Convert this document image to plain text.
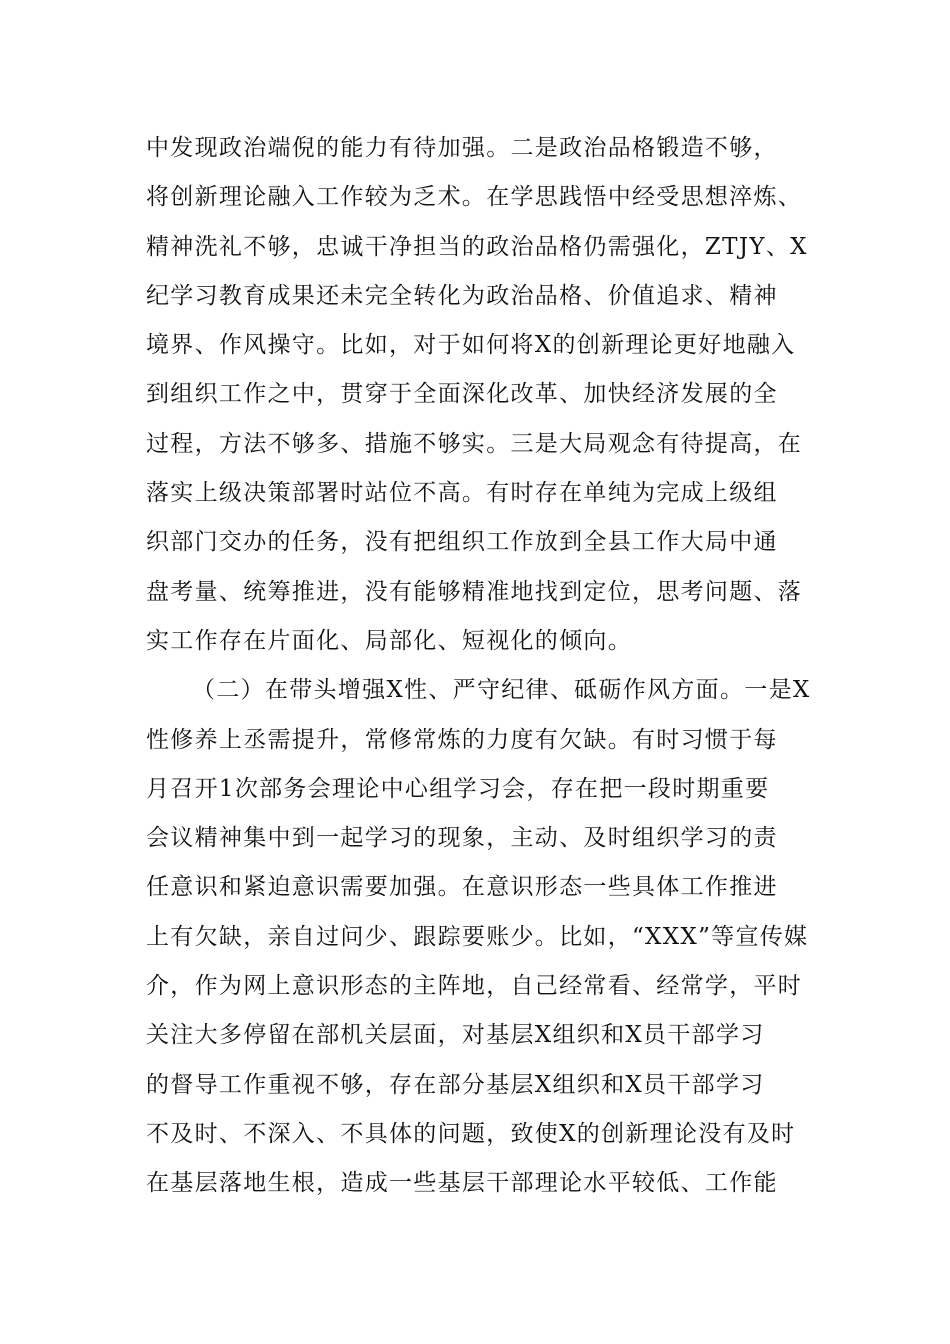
中发现政治端倪的能力有待加强。二是政治品格锻造不够，
将创新理论融入工作较为乏术。在学思践悟中经受思想淬炼、
精神洗礼不够，忠诚干净担当的政治品格仍需强化，ZTJY、X
纪学习教育成果还未完全转化为政治品格、价值追求、精神
境界、作风操守。比如，对于如何将X的创新理论更好地融入
到组织工作之中，贯穿于全面深化改革、加快经济发展的全
过程，方法不够多、措施不够实。三是大局观念有待提高，在
落实上级决策部署时站位不高。有时存在单纯为完成上级组
织部门交办的任务，没有把组织工作放到全县工作大局中通
盘考量、统筹推进，没有能够精准地找到定位，思考问题、落
实工作存在片面化、局部化、短视化的倾向。
（二）在带头增强X性、严守纪律、砥砺作风方面。一是X
性修养上丞需提升，常修常炼的力度有欠缺。有时习惯于每
月召开1次部务会理论中心组学习会，存在把一段时期重要
会议精神集中到一起学习的现象，主动、及时组织学习的责
任意识和紧迫意识需要加强。在意识形态一些具体工作推进
上有欠缺，亲自过问少、跟踪要账少。比如，“XXX”等宣传媒
介，作为网上意识形态的主阵地，自己经常看、经常学，平时
关注大多停留在部机关层面，对基层X组织和X员干部学习
的督导工作重视不够，存在部分基层X组织和X员干部学习
不及时、不深入、不具体的问题，致使X的创新理论没有及时
在基层落地生根，造成一些基层干部理论水平较低、工作能
